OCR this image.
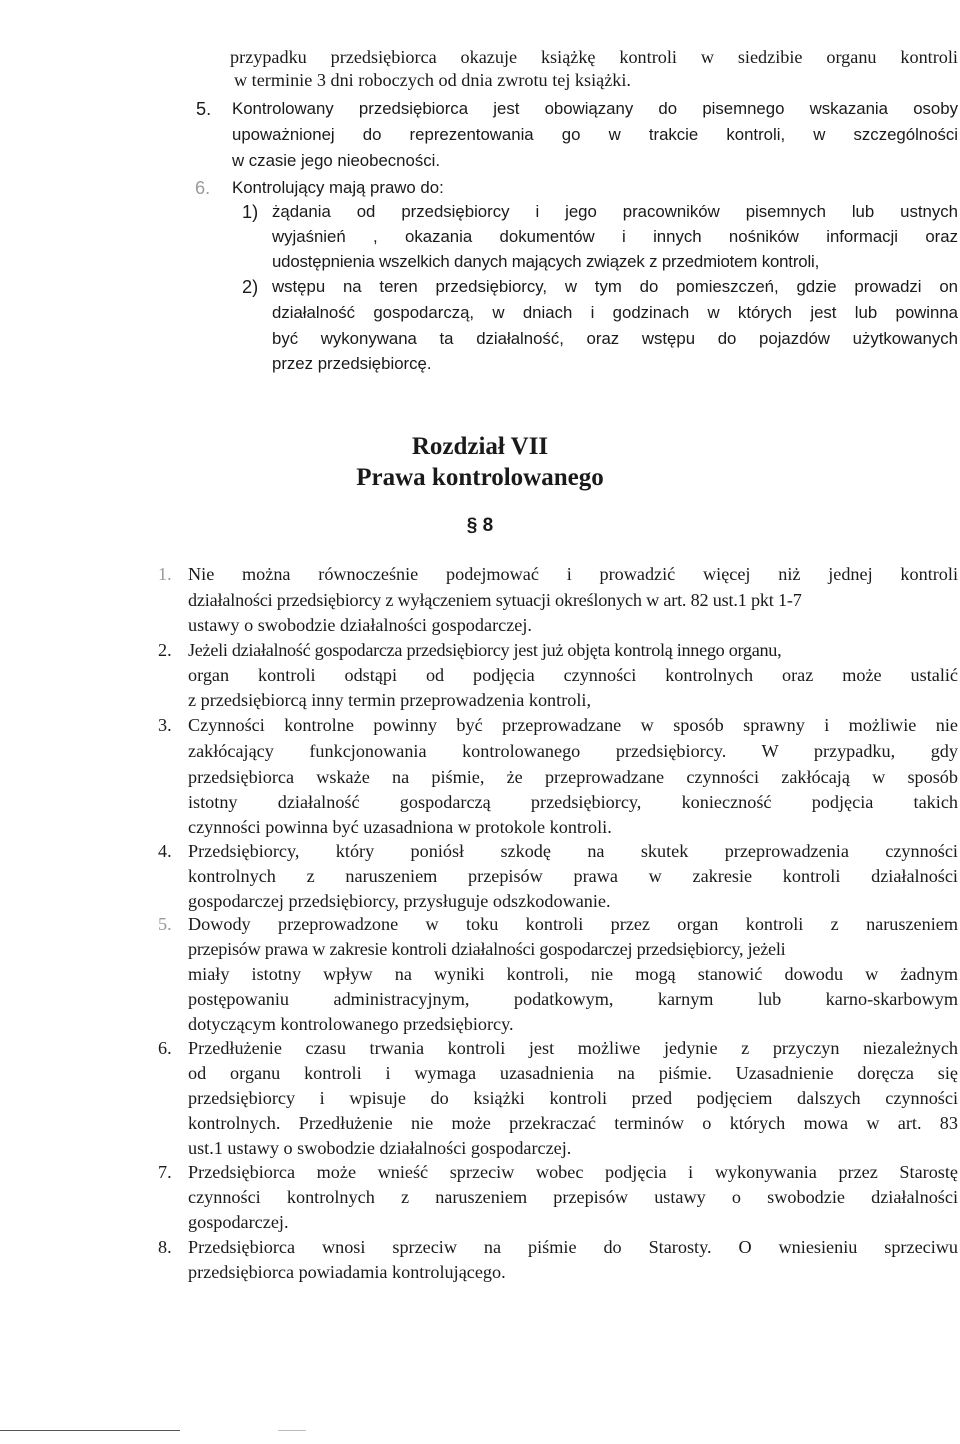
przypadku przedsiębiorca okazuje książkę kontroli w siedzibie organu kontroli
w terminie 3 dni roboczych od dnia zwrotu tej książki.
5. Kontrolowany przedsiębiorca jest obowiązany do pisemnego wskazania osoby
upoważnionej do reprezentowania go w trakcie kontroli, w szczególności
w czasie jego nieobecności.
6. Kontrolujący mają prawo do:
1) żądania od przedsiębiorcy i jego pracowników pisemnych lub ustnych
wyjaśnień , okazania dokumentów i innych nośników informacji oraz
udostępnienia wszelkich danych mających związek z przedmiotem kontroli,
2) wstępu na teren przedsiębiorcy, w tym do pomieszczeń, gdzie prowadzi on
działalność gospodarczą, w dniach i godzinach w których jest lub powinna
być wykonywana ta działalność, oraz wstępu do pojazdów użytkowanych
przez przedsiębiorcę.
Rozdział VII
Prawa kontrolowanego
§ 8
1. Nie można równocześnie podejmować i prowadzić więcej niż jednej kontroli
działalności przedsiębiorcy z wyłączeniem sytuacji określonych w art. 82 ust.1 pkt 1-7
ustawy o swobodzie działalności gospodarczej.
2. Jeżeli działalność gospodarcza przedsiębiorcy jest już objęta kontrolą innego organu,
organ kontroli odstąpi od podjęcia czynności kontrolnych oraz może ustalić
z przedsiębiorcą inny termin przeprowadzenia kontroli,
3. Czynności kontrolne powinny być przeprowadzane w sposób sprawny i możliwie nie
zakłócający funkcjonowania kontrolowanego przedsiębiorcy. W przypadku, gdy
przedsiębiorca wskaże na piśmie, że przeprowadzane czynności zakłócają w sposób
istotny działalność gospodarczą przedsiębiorcy, konieczność podjęcia takich
czynności powinna być uzasadniona w protokole kontroli.
4. Przedsiębiorcy, który poniósł szkodę na skutek przeprowadzenia czynności
kontrolnych z naruszeniem przepisów prawa w zakresie kontroli działalności
gospodarczej przedsiębiorcy, przysługuje odszkodowanie.
5. Dowody przeprowadzone w toku kontroli przez organ kontroli z naruszeniem
przepisów prawa w zakresie kontroli działalności gospodarczej przedsiębiorcy, jeżeli
miały istotny wpływ na wyniki kontroli, nie mogą stanowić dowodu w żadnym
postępowaniu administracyjnym, podatkowym, karnym lub karno-skarbowym
dotyczącym kontrolowanego przedsiębiorcy.
6. Przedłużenie czasu trwania kontroli jest możliwe jedynie z przyczyn niezależnych
od organu kontroli i wymaga uzasadnienia na piśmie. Uzasadnienie doręcza się
przedsiębiorcy i wpisuje do książki kontroli przed podjęciem dalszych czynności
kontrolnych. Przedłużenie nie może przekraczać terminów o których mowa w art. 83
ust.1 ustawy o swobodzie działalności gospodarczej.
7. Przedsiębiorca może wnieść sprzeciw wobec podjęcia i wykonywania przez Starostę
czynności kontrolnych z naruszeniem przepisów ustawy o swobodzie działalności
gospodarczej.
8. Przedsiębiorca wnosi sprzeciw na piśmie do Starosty. O wniesieniu sprzeciwu
przedsiębiorca powiadamia kontrolującego.
